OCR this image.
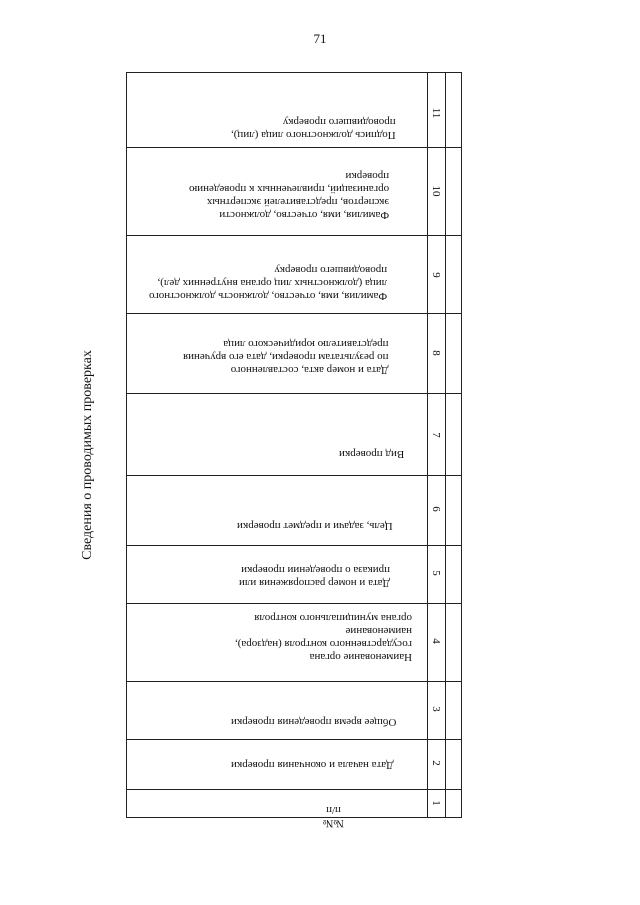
71
Сведения о проводимых проверках
Подпись должностного лица (лиц),
проводившего проверку
11
Фамилия, имя, отчество, должности
экспертов, представителей экспертных
организаций, привлеченных к проведению
проверки
10
Фамилия, имя, отчество, должность должностного
лица (должностных лиц органа внутренних дел),
проводившего проверку	9
Дата и номер акта, составленного
по результатам проверки, дата его вручения
представителю юридического лица
8
Вид проверки
7
Цель, задачи и предмет проверки
6
Дата и номер распоряжения или
приказа о проведении проверки	5
Наименование органа
государственного контроля (надзора),
наименование
органа муниципального контроля
4
Общее время проведения проверки
3
Дата начала и окончания проверки	2
№№
п/п
1
